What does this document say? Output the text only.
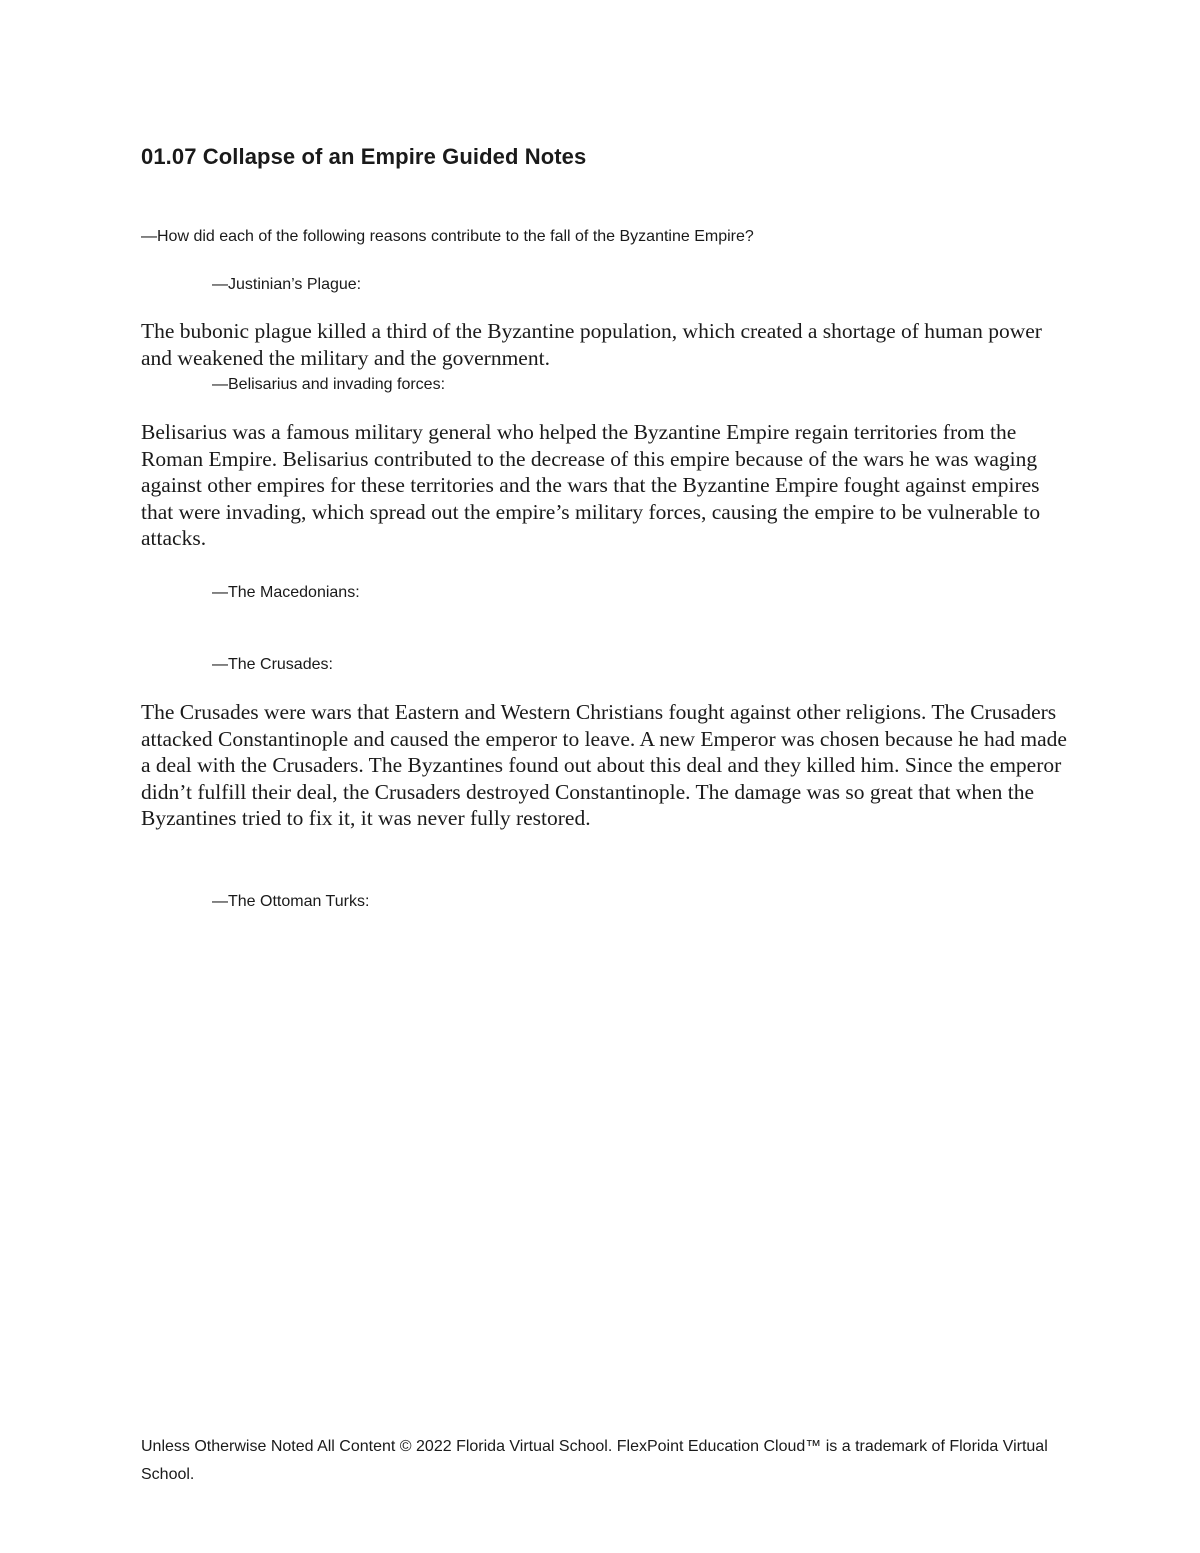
01.07 Collapse of an Empire Guided Notes

—How did each of the following reasons contribute to the fall of the Byzantine Empire?

—Justinian’s Plague:

The bubonic plague killed a third of the Byzantine population, which created a shortage of human power and weakened the military and the government.

—Belisarius and invading forces:

Belisarius was a famous military general who helped the Byzantine Empire regain territories from the Roman Empire. Belisarius contributed to the decrease of this empire because of the wars he was waging against other empires for these territories and the wars that the Byzantine Empire fought against empires that were invading, which spread out the empire’s military forces, causing the empire to be vulnerable to attacks.

—The Macedonians:

—The Crusades:

The Crusades were wars that Eastern and Western Christians fought against other religions. The Crusaders attacked Constantinople and caused the emperor to leave. A new Emperor was chosen because he had made a deal with the Crusaders. The Byzantines found out about this deal and they killed him. Since the emperor didn’t fulfill their deal, the Crusaders destroyed Constantinople. The damage was so great that when the Byzantines tried to fix it, it was never fully restored.

—The Ottoman Turks:

Unless Otherwise Noted All Content © 2022 Florida Virtual School. FlexPoint Education Cloud™ is a trademark of Florida Virtual School.
